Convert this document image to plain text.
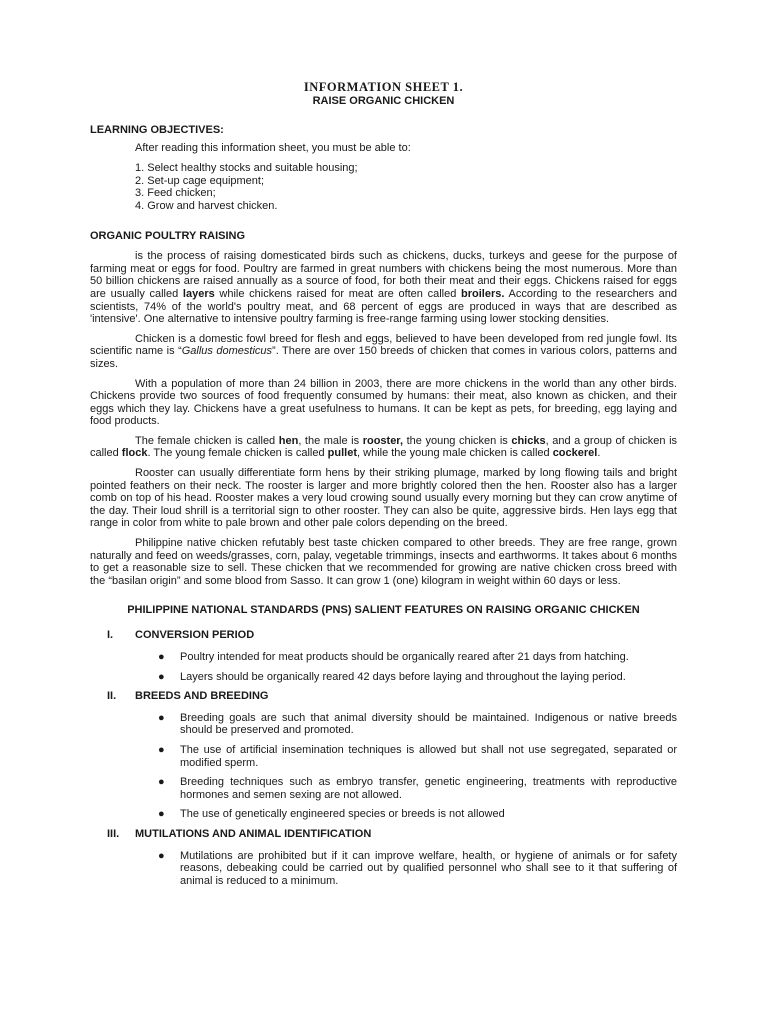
INFORMATION SHEET 1.
RAISE ORGANIC CHICKEN
LEARNING OBJECTIVES:
After reading this information sheet, you must be able to:
1. Select healthy stocks and suitable housing;
2. Set-up cage equipment;
3. Feed chicken;
4. Grow and harvest chicken.
ORGANIC POULTRY RAISING

is the process of raising domesticated birds such as chickens, ducks, turkeys and geese for the purpose of farming meat or eggs for food. Poultry are farmed in great numbers with chickens being the most numerous. More than 50 billion chickens are raised annually as a source of food, for both their meat and their eggs. Chickens raised for eggs are usually called layers while chickens raised for meat are often called broilers. According to the researchers and scientists, 74% of the world's poultry meat, and 68 percent of eggs are produced in ways that are described as 'intensive'. One alternative to intensive poultry farming is free-range farming using lower stocking densities.

Chicken is a domestic fowl breed for flesh and eggs, believed to have been developed from red jungle fowl. Its scientific name is “Gallus domesticus”. There are over 150 breeds of chicken that comes in various colors, patterns and sizes.

With a population of more than 24 billion in 2003, there are more chickens in the world than any other birds. Chickens provide two sources of food frequently consumed by humans: their meat, also known as chicken, and their eggs which they lay. Chickens have a great usefulness to humans. It can be kept as pets, for breeding, egg laying and food products.

The female chicken is called hen, the male is rooster, the young chicken is chicks, and a group of chicken is called flock. The young female chicken is called pullet, while the young male chicken is called cockerel.

Rooster can usually differentiate form hens by their striking plumage, marked by long flowing tails and bright pointed feathers on their neck. The rooster is larger and more brightly colored then the hen. Rooster also has a larger comb on top of his head. Rooster makes a very loud crowing sound usually every morning but they can crow anytime of the day. Their loud shrill is a territorial sign to other rooster. They can also be quite, aggressive birds. Hen lays egg that range in color from white to pale brown and other pale colors depending on the breed.

Philippine native chicken refutably best taste chicken compared to other breeds. They are free range, grown naturally and feed on weeds/grasses, corn, palay, vegetable trimmings, insects and earthworms. It takes about 6 months to get a reasonable size to sell. These chicken that we recommended for growing are native chicken cross breed with the “basilan origin” and some blood from Sasso. It can grow 1 (one) kilogram in weight within 60 days or less.

PHILIPPINE NATIONAL STANDARDS (PNS) SALIENT FEATURES ON RAISING ORGANIC CHICKEN
I.	CONVERSION PERIOD
●	Poultry intended for meat products should be organically reared after 21 days from hatching.
●	Layers should be organically reared 42 days before laying and throughout the laying period.
II.	BREEDS AND BREEDING
●	Breeding goals are such that animal diversity should be maintained. Indigenous or native breeds should be preserved and promoted.
●	The use of artificial insemination techniques is allowed but shall not use segregated, separated or modified sperm.
●	Breeding techniques such as embryo transfer, genetic engineering, treatments with reproductive hormones and semen sexing are not allowed.
●	The use of genetically engineered species or breeds is not allowed
III.	MUTILATIONS AND ANIMAL IDENTIFICATION
●	Mutilations are prohibited but if it can improve welfare, health, or hygiene of animals or for safety reasons, debeaking could be carried out by qualified personnel who shall see to it that suffering of animal is reduced to a minimum.
